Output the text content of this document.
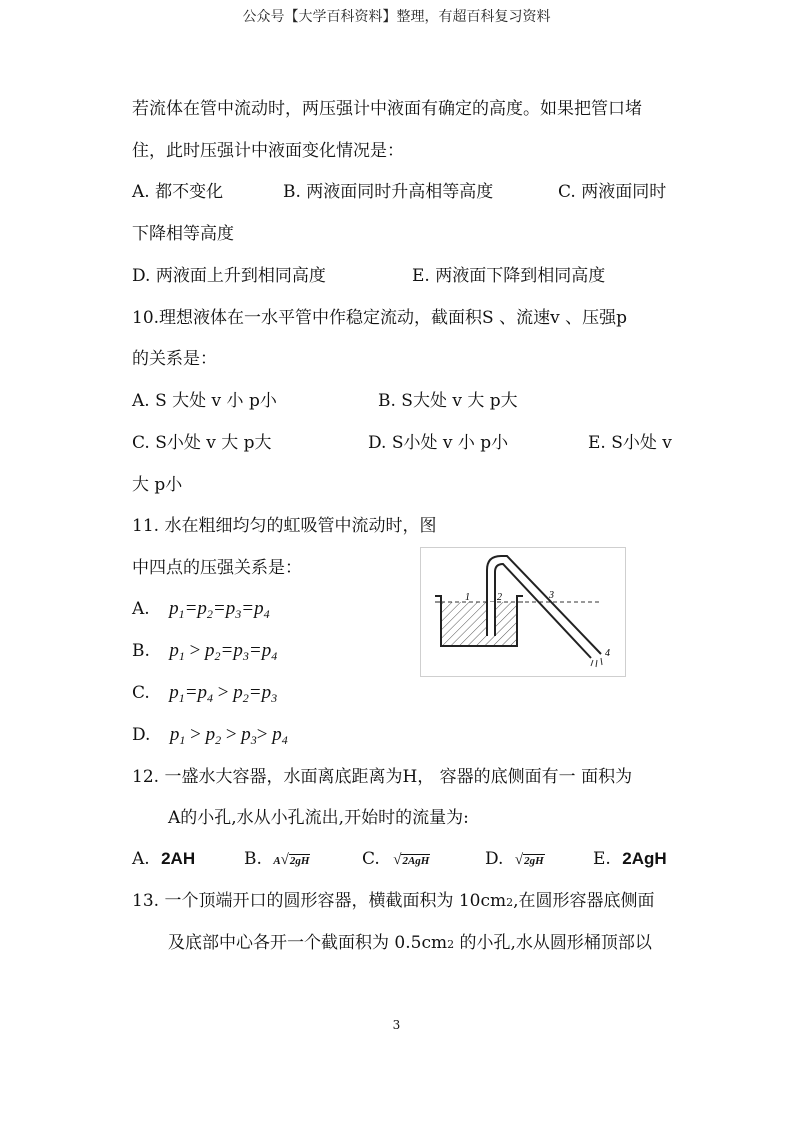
公众号【大学百科资料】整理，有超百科复习资料
若流体在管中流动时，两压强计中液面有确定的高度。如果把管口堵
住，此时压强计中液面变化情况是：
A. 都不变化	B. 两液面同时升高相等高度	C. 两液面同时
下降相等高度
D. 两液面上升到相同高度	E. 两液面下降到相同高度
10.理想液体在一水平管中作稳定流动，截面积S 、流速v 、压强p
的关系是：
A. S 大处 v 小 p小	B. S大处 v 大 p大
C. S小处 v 大 p大	D. S小处 v 小 p小	E. S小处 v
大 p小
11. 水在粗细均匀的虹吸管中流动时，图
中四点的压强关系是：
A. $p_1=p_2=p_3=p_4$
B. $p_1 > p_2=p_3=p_4$
C. $p_1=p_4 > p_2=p_3$
D. $p_1 > p_2 > p_3> p_4$
1	2	3
4
12. 一盛水大容器，水面离底距离为H， 容器的底侧面有一 面积为
A的小孔,水从小孔流出,开始时的流量为:
A. 2AH	B. A√2gH	C. √2AgH	D. √2gH	E. 2AgH
13. 一个顶端开口的圆形容器，横截面积为 10cm2,在圆形容器底侧面
及底部中心各开一个截面积为 0.5cm2 的小孔,水从圆形桶顶部以
3
